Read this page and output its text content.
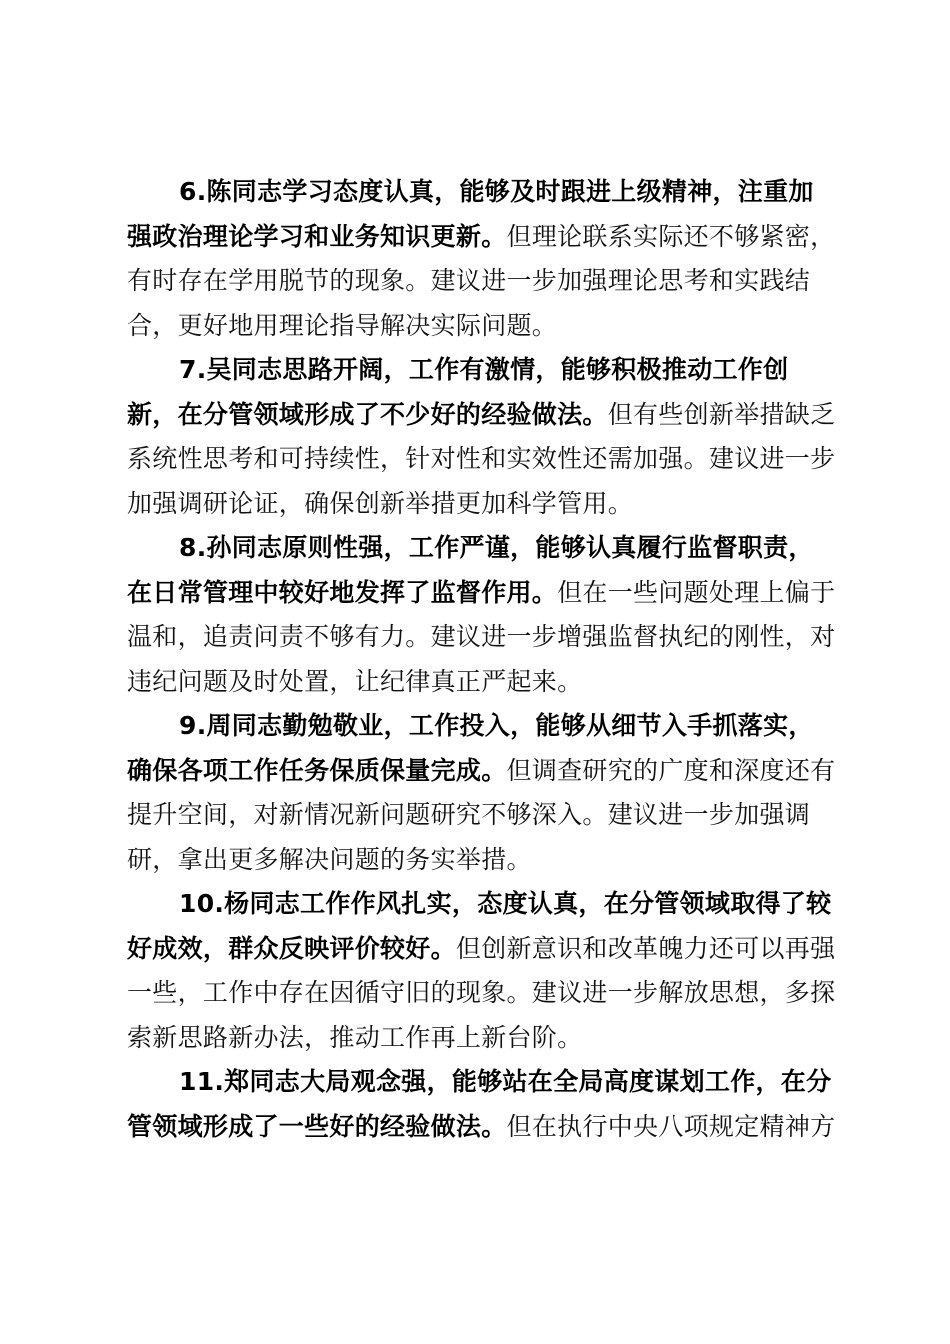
6.陈同志学习态度认真，能够及时跟进上级精神，注重加强政治理论学习和业务知识更新。但理论联系实际还不够紧密，有时存在学用脱节的现象。建议进一步加强理论思考和实践结合，更好地用理论指导解决实际问题。

7.吴同志思路开阔，工作有激情，能够积极推动工作创新，在分管领域形成了不少好的经验做法。但有些创新举措缺乏系统性思考和可持续性，针对性和实效性还需加强。建议进一步加强调研论证，确保创新举措更加科学管用。

8.孙同志原则性强，工作严谨，能够认真履行监督职责，在日常管理中较好地发挥了监督作用。但在一些问题处理上偏于温和，追责问责不够有力。建议进一步增强监督执纪的刚性，对违纪问题及时处置，让纪律真正严起来。

9.周同志勤勉敬业，工作投入，能够从细节入手抓落实，确保各项工作任务保质保量完成。但调查研究的广度和深度还有提升空间，对新情况新问题研究不够深入。建议进一步加强调研，拿出更多解决问题的务实举措。

10.杨同志工作作风扎实，态度认真，在分管领域取得了较好成效，群众反映评价较好。但创新意识和改革魄力还可以再强一些，工作中存在因循守旧的现象。建议进一步解放思想，多探索新思路新办法，推动工作再上新台阶。

11.郑同志大局观念强，能够站在全局高度谋划工作，在分管领域形成了一些好的经验做法。但在执行中央八项规定精神方
